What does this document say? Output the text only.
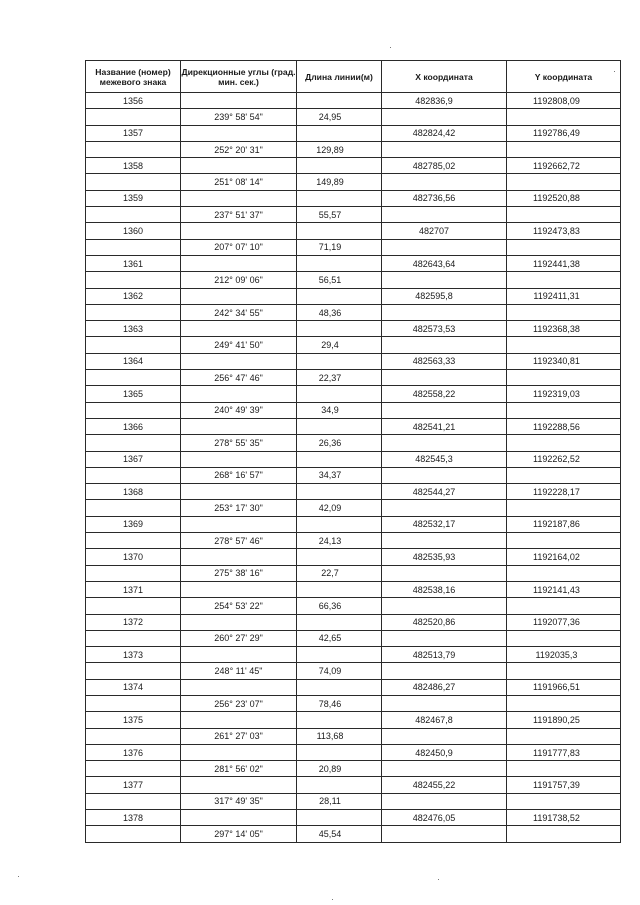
Название (номер) межевого знака	Дирекционные углы (град. мин. сек.)	Длина линии(м)	X координата	Y координата
1356			482836,9	1192808,09
	239° 58' 54"	24,95		
1357			482824,42	1192786,49
	252° 20' 31"	129,89		
1358			482785,02	1192662,72
	251° 08' 14"	149,89		
1359			482736,56	1192520,88
	237° 51' 37"	55,57		
1360			482707	1192473,83
	207° 07' 10"	71,19		
1361			482643,64	1192441,38
	212° 09' 06"	56,51		
1362			482595,8	1192411,31
	242° 34' 55"	48,36		
1363			482573,53	1192368,38
	249° 41' 50"	29,4		
1364			482563,33	1192340,81
	256° 47' 46"	22,37		
1365			482558,22	1192319,03
	240° 49' 39"	34,9		
1366			482541,21	1192288,56
	278° 55' 35"	26,36		
1367			482545,3	1192262,52
	268° 16' 57"	34,37		
1368			482544,27	1192228,17
	253° 17' 30"	42,09		
1369			482532,17	1192187,86
	278° 57' 46"	24,13		
1370			482535,93	1192164,02
	275° 38' 16"	22,7		
1371			482538,16	1192141,43
	254° 53' 22"	66,36		
1372			482520,86	1192077,36
	260° 27' 29"	42,65		
1373			482513,79	1192035,3
	248° 11' 45"	74,09		
1374			482486,27	1191966,51
	256° 23' 07"	78,46		
1375			482467,8	1191890,25
	261° 27' 03"	113,68		
1376			482450,9	1191777,83
	281° 56' 02"	20,89		
1377			482455,22	1191757,39
	317° 49' 35"	28,11		
1378			482476,05	1191738,52
	297° 14' 05"	45,54		
